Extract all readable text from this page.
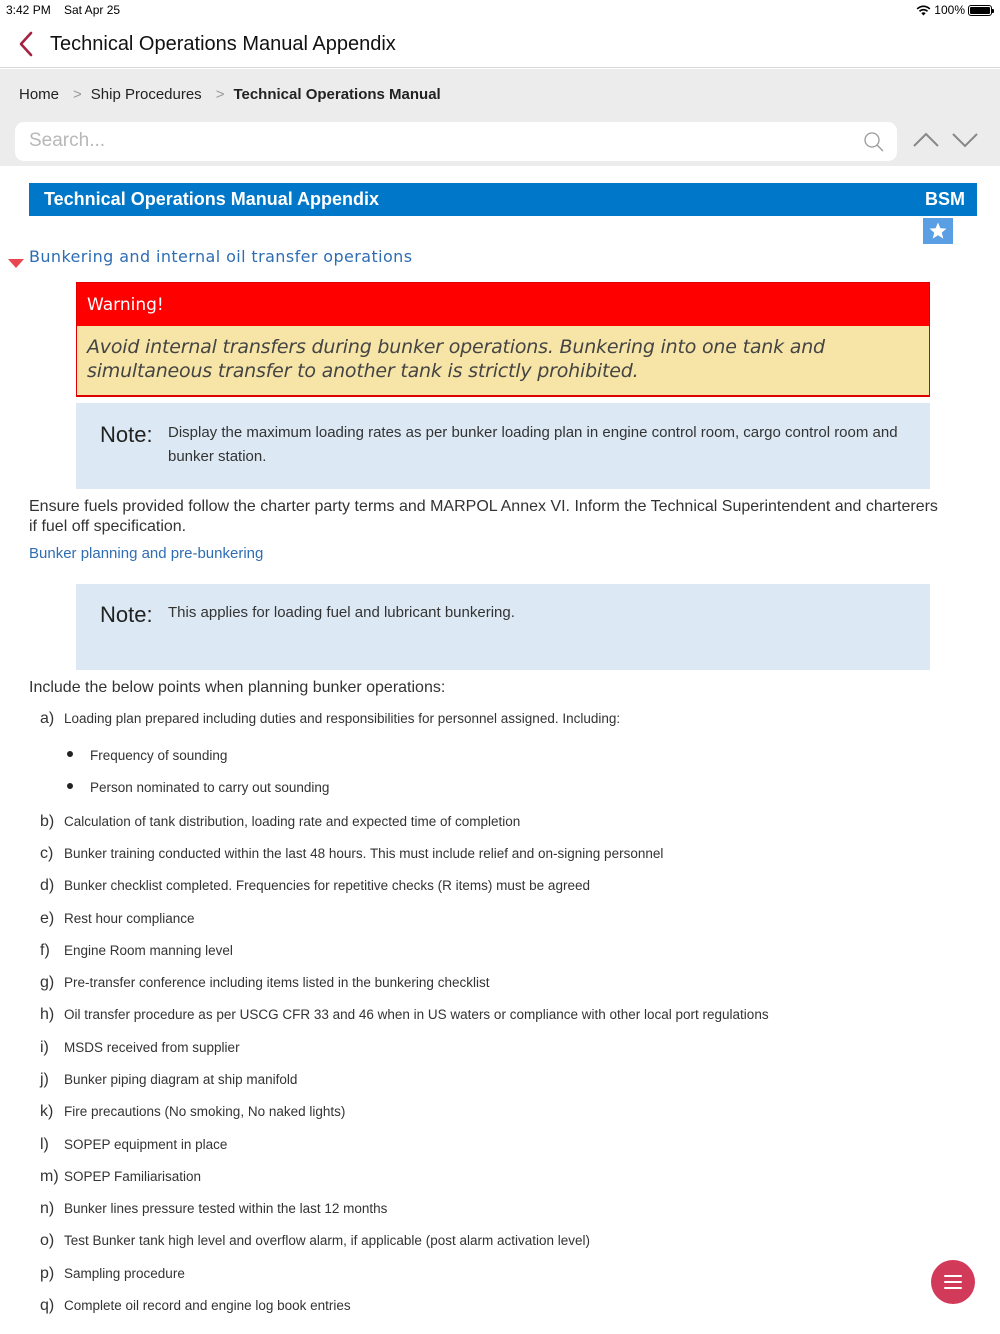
3:42 PM Sat Apr 25	100%
Technical Operations Manual Appendix
Home > Ship Procedures > Technical Operations Manual
Search...
Technical Operations Manual Appendix	BSM
Bunkering and internal oil transfer operations
Warning!
Avoid internal transfers during bunker operations. Bunkering into one tank and simultaneous transfer to another tank is strictly prohibited.
Note: Display the maximum loading rates as per bunker loading plan in engine control room, cargo control room and bunker station.
Ensure fuels provided follow the charter party terms and MARPOL Annex VI. Inform the Technical Superintendent and charterers if fuel off specification.
Bunker planning and pre-bunkering
Note: This applies for loading fuel and lubricant bunkering.
Include the below points when planning bunker operations:
a) Loading plan prepared including duties and responsibilities for personnel assigned. Including:
Frequency of sounding
Person nominated to carry out sounding
b) Calculation of tank distribution, loading rate and expected time of completion
c) Bunker training conducted within the last 48 hours. This must include relief and on-signing personnel
d) Bunker checklist completed. Frequencies for repetitive checks (R items) must be agreed
e) Rest hour compliance
f) Engine Room manning level
g) Pre-transfer conference including items listed in the bunkering checklist
h) Oil transfer procedure as per USCG CFR 33 and 46 when in US waters or compliance with other local port regulations
i) MSDS received from supplier
j) Bunker piping diagram at ship manifold
k) Fire precautions (No smoking, No naked lights)
l) SOPEP equipment in place
m) SOPEP Familiarisation
n) Bunker lines pressure tested within the last 12 months
o) Test Bunker tank high level and overflow alarm, if applicable (post alarm activation level)
p) Sampling procedure
q) Complete oil record and engine log book entries
